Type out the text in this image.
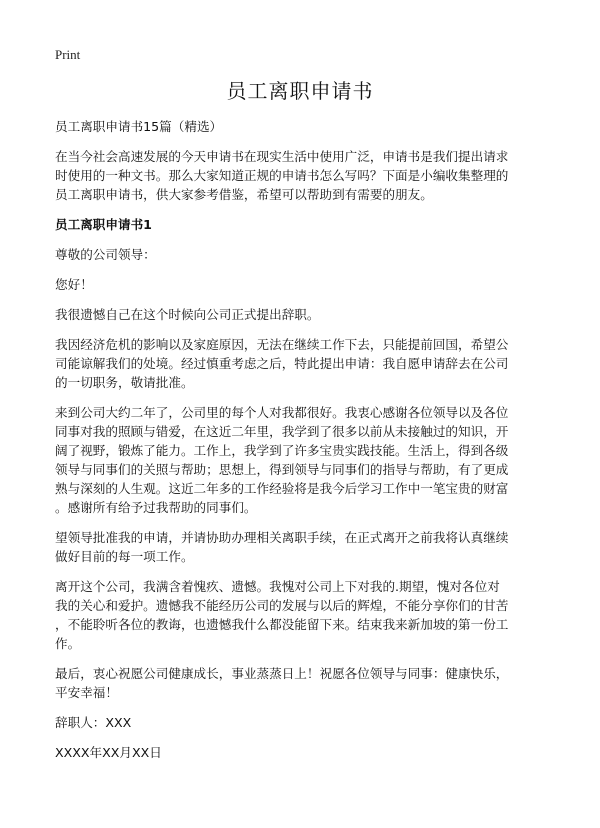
Print
员工离职申请书

员工离职申请书15篇（精选）

在当今社会高速发展的今天申请书在现实生活中使用广泛，申请书是我们提出请求
时使用的一种文书。那么大家知道正规的申请书怎么写吗？下面是小编收集整理的
员工离职申请书，供大家参考借鉴，希望可以帮助到有需要的朋友。

员工离职申请书1

尊敬的公司领导：

您好！

我很遗憾自己在这个时候向公司正式提出辞职。

我因经济危机的影响以及家庭原因，无法在继续工作下去，只能提前回国，希望公
司能谅解我们的处境。经过慎重考虑之后，特此提出申请：我自愿申请辞去在公司
的一切职务，敬请批准。

来到公司大约二年了，公司里的每个人对我都很好。我衷心感谢各位领导以及各位
同事对我的照顾与错爱，在这近二年里，我学到了很多以前从未接触过的知识，开
阔了视野，锻炼了能力。工作上，我学到了许多宝贵实践技能。生活上，得到各级
领导与同事们的关照与帮助；思想上，得到领导与同事们的指导与帮助，有了更成
熟与深刻的人生观。这近二年多的工作经验将是我今后学习工作中一笔宝贵的财富
。感谢所有给予过我帮助的同事们。

望领导批准我的申请，并请协助办理相关离职手续，在正式离开之前我将认真继续
做好目前的每一项工作。

离开这个公司，我满含着愧疚、遗憾。我愧对公司上下对我的.期望，愧对各位对
我的关心和爱护。遗憾我不能经历公司的发展与以后的辉煌，不能分享你们的甘苦
，不能聆听各位的教诲，也遗憾我什么都没能留下来。结束我来新加坡的第一份工
作。

最后，衷心祝愿公司健康成长，事业蒸蒸日上！祝愿各位领导与同事：健康快乐，
平安幸福！

辞职人：XXX

XXXX年XX月XX日
